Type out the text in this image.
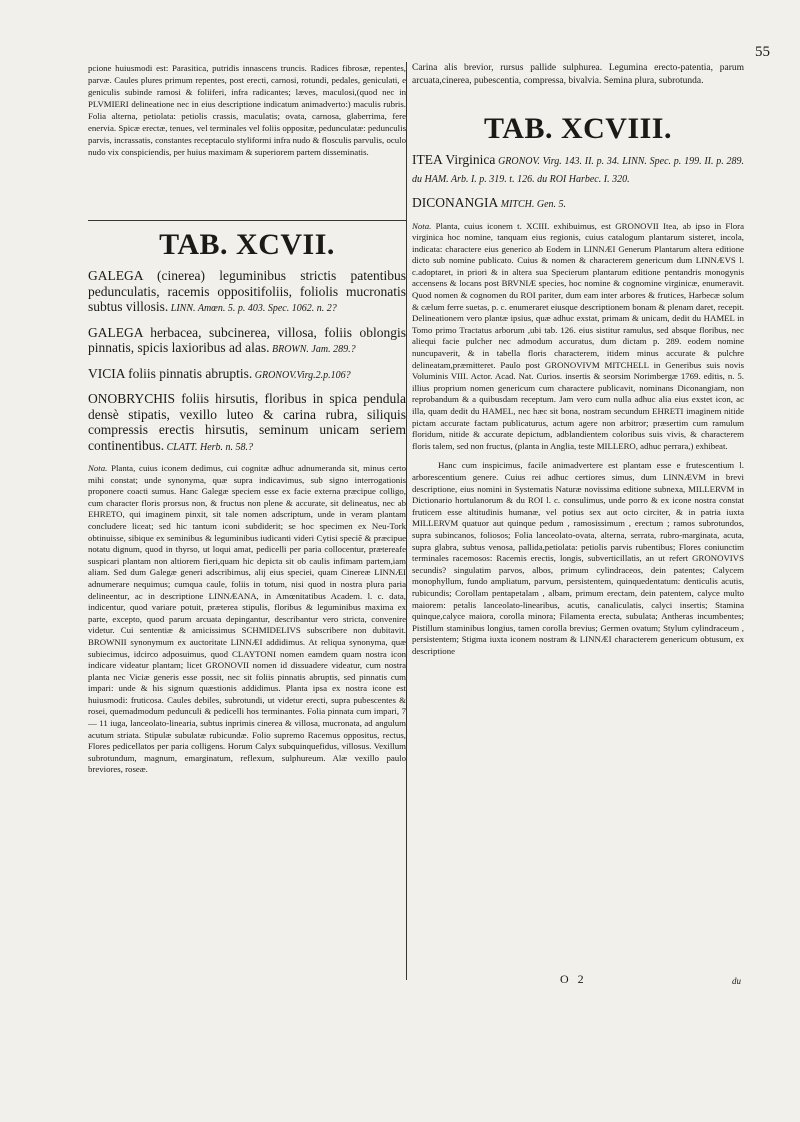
55
pcione huiusmodi est: Parasitica, putridis innascens truncis. Radices fibrosæ, repentes, parvæ. Caules plures primum repentes, post erecti, carnosi, rotundi, pedales, geniculati, e geniculis subinde ramosi & foliiferi, infra radicantes; læves, maculosi,(quod nec in PLVMIERI delineatione nec in eius descriptione indicatum animadverto:) maculis rubris. Folia alterna, petiolata: petiolis crassis, maculatis; ovata, carnosa, glaberrima, fere enervia. Spicæ erectæ, tenues, vel terminales vel foliis oppositæ, pedunculatæ: pedunculis parvis, incrassatis, constantes receptaculo styliformi infra nudo & flosculis parvulis, oculo nudo vix conspiciendis, per huius maximam & superiorem partem disseminatis.
TAB. XCVII.
GALEGA (cinerea) leguminibus strictis patentibus pedunculatis, racemis oppositifoliis, foliolis mucronatis subtus villosis. LINN. Amœn. 5. p. 403. Spec. 1062. n. 2?
GALEGA herbacea, subcinerea, villosa, foliis oblongis pinnatis, spicis laxioribus ad alas. BROWN. Jam. 289.?
VICIA foliis pinnatis abruptis. GRONOV.Virg.2.p.106?
ONOBRYCHIS foliis hirsutis, floribus in spica pendula densè stipatis, vexillo luteo & carina rubra, siliquis compressis erectis hirsutis, seminum unicam seriem continentibus. CLATT. Herb. n. 58.?
Nota. Planta, cuius iconem dedimus, cui cognitæ adhuc adnumeranda sit, minus certo mihi constat; unde synonyma, quæ supra indicavimus, sub signo interrogationis proponere coacti sumus. Hanc Galegæ speciem esse ex facie externa præcipue colligo, cum character floris prorsus non, & fructus non plene & accurate, sit delineatus, nec ab EHRETO, qui imaginem pinxit, sit tale nomen adscriptum, unde in veram plantam concludere liceat; sed hic tantum iconi subdiderit; se hoc specimen ex Neu-Tork obtinuisse, sibique ex seminibus & leguminibus iudicanti videri Cytisi speciē & præcipue notatu dignum, quod in thyrso, ut loqui amat, pedicelli per paria collocentur, prætereafe suspicari plantam non altiorem fieri,quam hic depicta sit ob caulis infimam partem,iam aliam. Sed dum Galegæ generi adscribimus, alij eius speciei, quam Cinereæ LINNÆI adnumerare nequimus; cumqua caule, foliis in totum, nisi quod in nostra plura paria delineentur, ac in descriptione LINNÆANA, in Amœnitatibus Academ. l. c. data, indicentur, quod variare potuit, præterea stipulis, floribus & leguminibus maxima ex parte, excepto, quod parum arcuata depingantur, describantur vero stricta, convenire videtur. Cui sententiæ & amicissimus SCHMIDELIVS subscribere non dubitavit. BROWNII synonymum ex auctoritate LINNÆI addidimus. At reliqua synonyma, quæ subiecimus, idcirco adposuimus, quod CLAYTONI nomen eamdem quam nostra icon indicare videatur plantam; licet GRONOVII nomen id dissuadere videatur, cum nostra planta nec Viciæ generis esse possit, nec sit foliis pinnatis abruptis, sed pinnatis cum impari: unde & his signum quæstionis addidimus. Planta ipsa ex nostra icone est huiusmodi: fruticosa. Caules debiles, subrotundi, ut videtur erecti, supra pubescentes & rosei, quemadmodum pedunculi & pedicelli hos terminantes. Folia pinnata cum impari, 7 — 11 iuga, lanceolato-linearia, subtus inprimis cinerea & villosa, mucronata, ad angulum acutum striata. Stipulæ subulatæ rubicundæ. Folio supremo Racemus oppositus, rectus, Flores pedicellatos per paria colligens. Horum Calyx subquinquefidus, villosus. Vexillum subrotundum, magnum, emarginatum, reflexum, sulphureum. Alæ vexillo paulo breviores, roseæ.
Carina alis brevior, rursus pallide sulphurea. Legumina erecto-patentia, parum arcuata,cinerea, pubescentia, compressa, bivalvia. Semina plura, subrotunda.
TAB. XCVIII.
ITEA Virginica GRONOV. Virg. 143. II. p. 34. LINN. Spec. p. 199. II. p. 289. du HAM. Arb. I. p. 319. t. 126. du ROI Harbec. I. 320.
DICONANGIA MITCH. Gen. 5.
Nota. Planta, cuius iconem t. XCIII. exhibuimus, est GRONOVII Itea, ab ipso in Flora virginica hoc nomine, tanquam eius regionis, cuius catalogum plantarum sisteret, incola, indicata: charactere eius generico ab Eodem in LINNÆI Generum Plantarum altera editione dicto sub nomine publicato. Cuius & nomen & characterem genericum dum LINNÆVS l. c.adoptaret, in priori & in altera sua Specierum plantarum editione pentandris monogynis accensens & locans post BRVNIÆ species, hoc nomine & cognomine virginicæ, enumeravit. Quod nomen & cognomen du ROI pariter, dum eam inter arbores & frutices, Harbecæ solum & cælum ferre suetas, p. c. enumeraret eiusque descriptionem bonam & plenam daret, recepit. Delineationem vero plantæ ipsius, quæ adhuc exstat, primam & unicam, dedit du HAMEL in Tomo primo Tractatus arborum ,ubi tab. 126. eius sistitur ramulus, sed absque floribus, nec aliequi facie pulcher nec admodum accuratus, dum dictam p. 289. eodem nomine nuncupaverit, & in tabella floris characterem, itidem minus accurate & pulchre delineatam,præmitteret. Paulo post GRONOVIVM MITCHELL in Generibus suis novis Voluminis VIII. Actor. Acad. Nat. Curios. insertis & seorsim Norimbergæ 1769. editis, n. 5. illius proprium nomen genericum cum charactere publicavit, nominans Diconangiam, non reprobandum & a quibusdam receptum. Jam vero cum nulla adhuc alia eius exstet icon, ac illa, quam dedit du HAMEL, nec hæc sit bona, nostram secundum EHRETI imaginem nitide pictam accurate factam publicaturus, actum agere non arbitror; præsertim cum ramulum floridum, nitide & accurate depictum, adblandientem coloribus suis vivis, & characterem floris talem, sed non fructus, (planta in Anglia, teste MILLERO, adhuc perrara,) exhibeat.
Hanc cum inspicimus, facile animadvertere est plantam esse e frutescentium l. arborescentium genere. Cuius rei adhuc certiores simus, dum LINNÆVM in brevi descriptione, eius nomini in Systematis Naturæ novissima editione subnexa, MILLERVM in Dictionario hortulanorum & du ROI l. c. consulimus, unde porro & ex icone nostra constat fruticem esse altitudinis humanæ, vel potius sex aut octo circiter, & in patria iuxta MILLERVM quatuor aut quinque pedum , ramosissimum , erectum ; ramos subrotundos, supra subincanos, foliosos; Folia lanceolato-ovata, alterna, serrata, rubro-marginata, acuta, supra glabra, subtus venosa, pallida,petiolata: petiolis parvis rubentibus; Flores coniunctim terminales racemosos: Racemis erectis, longis, subverticillatis, an ut refert GRONOVIVS secundis? singulatim parvos, albos, primum cylindraceos, dein patentes; Calycem monophyllum, fundo ampliatum, parvum, persistentem, quinquedentatum: denticulis acutis, rubicundis; Corollam pentapetalam , albam, primum erectam, dein patentem, calyce multo maiorem: petalis lanceolato-linearibus, acutis, canaliculatis, calyci insertis; Stamina quinque,calyce maiora, corolla minora; Filamenta erecta, subulata; Antheras incumbentes; Pistillum staminibus longius, tamen corolla brevius; Germen ovatum; Stylum cylindraceum , persistentem; Stigma iuxta iconem nostram & LINNÆI characterem genericum obtusum, ex descriptione
O 2	du
